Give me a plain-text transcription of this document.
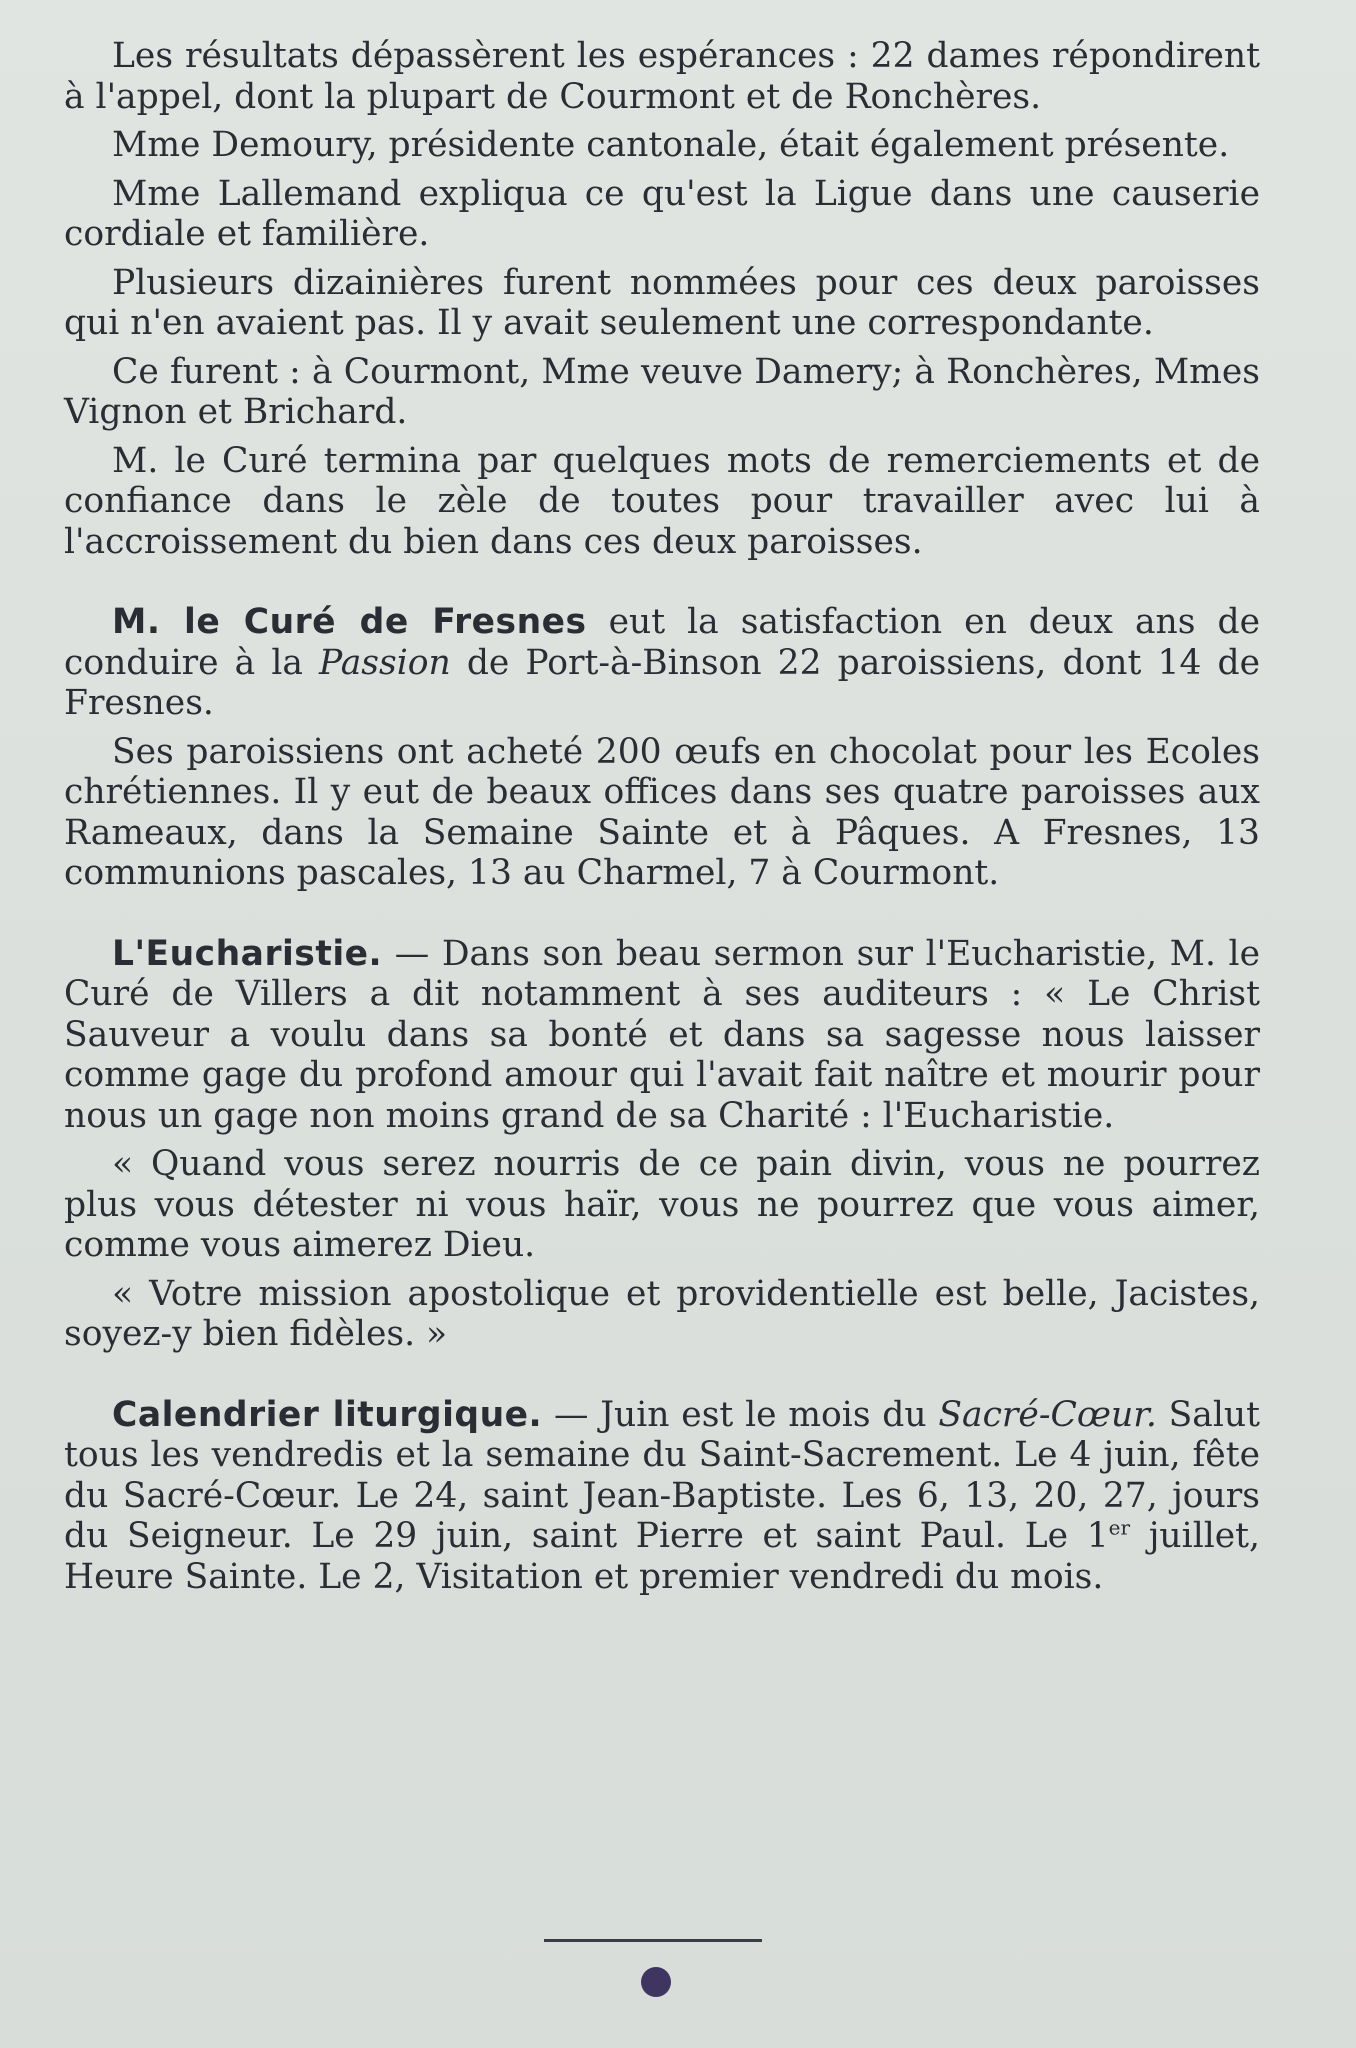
Les résultats dépassèrent les espérances : 22 dames répondirent à l'appel, dont la plupart de Courmont et de Ronchères.

Mme Demoury, présidente cantonale, était également présente.

Mme Lallemand expliqua ce qu'est la Ligue dans une causerie cordiale et familière.

Plusieurs dizainières furent nommées pour ces deux paroisses qui n'en avaient pas. Il y avait seulement une correspondante.

Ce furent : à Courmont, Mme veuve Damery; à Ronchères, Mmes Vignon et Brichard.

M. le Curé termina par quelques mots de remerciements et de confiance dans le zèle de toutes pour travailler avec lui à l'accroissement du bien dans ces deux paroisses.

M. le Curé de Fresnes eut la satisfaction en deux ans de conduire à la Passion de Port-à-Binson 22 paroissiens, dont 14 de Fresnes.

Ses paroissiens ont acheté 200 œufs en chocolat pour les Ecoles chrétiennes. Il y eut de beaux offices dans ses quatre paroisses aux Rameaux, dans la Semaine Sainte et à Pâques. A Fresnes, 13 communions pascales, 13 au Charmel, 7 à Courmont.

L'Eucharistie. — Dans son beau sermon sur l'Eucharistie, M. le Curé de Villers a dit notamment à ses auditeurs : « Le Christ Sauveur a voulu dans sa bonté et dans sa sagesse nous laisser comme gage du profond amour qui l'avait fait naître et mourir pour nous un gage non moins grand de sa Charité : l'Eucharistie.

« Quand vous serez nourris de ce pain divin, vous ne pourrez plus vous détester ni vous haïr, vous ne pourrez que vous aimer, comme vous aimerez Dieu.

« Votre mission apostolique et providentielle est belle, Jacistes, soyez-y bien fidèles. »

Calendrier liturgique. — Juin est le mois du Sacré-Cœur. Salut tous les vendredis et la semaine du Saint-Sacrement. Le 4 juin, fête du Sacré-Cœur. Le 24, saint Jean-Baptiste. Les 6, 13, 20, 27, jours du Seigneur. Le 29 juin, saint Pierre et saint Paul. Le 1er juillet, Heure Sainte. Le 2, Visitation et premier vendredi du mois.
